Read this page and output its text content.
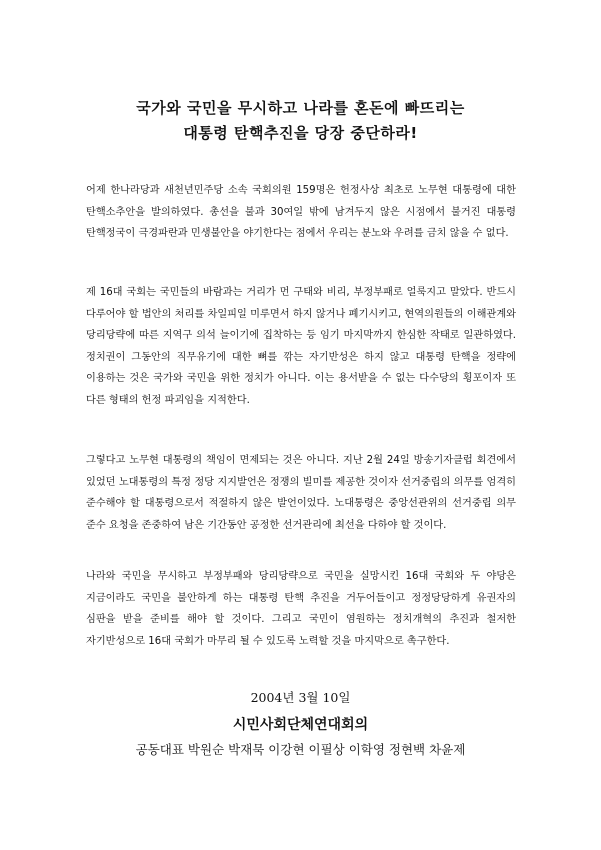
국가와 국민을 무시하고 나라를 혼돈에 빠뜨리는
대통령 탄핵추진을 당장 중단하라!
어제 한나라당과 새천년민주당 소속 국회의원 159명은 헌정사상 최초로 노무현 대통령에 대한 탄핵소추안을 발의하였다. 총선을 불과 30여일 밖에 남겨두지 않은 시점에서 불거진 대통령 탄핵정국이 극경파란과 민생불안을 야기한다는 점에서 우리는 분노와 우려를 금치 않을 수 없다.
제 16대 국회는 국민들의 바람과는 거리가 먼 구태와 비리, 부정부패로 얼룩지고 말았다. 반드시 다루어야 할 법안의 처리를 차일피일 미루면서 하지 않거나 폐기시키고, 현역의원들의 이해관계와 당리당략에 따른 지역구 의석 늘이기에 집착하는 등 임기 마지막까지 한심한 작태로 일관하였다. 정치권이 그동안의 직무유기에 대한 뼈를 깎는 자기반성은 하지 않고 대통령 탄핵을 정략에 이용하는 것은 국가와 국민을 위한 정치가 아니다. 이는 용서받을 수 없는 다수당의 횡포이자 또 다른 형태의 헌정 파괴임을 지적한다.
그렇다고 노무현 대통령의 책임이 면제되는 것은 아니다. 지난 2월 24일 방송기자클럽 회견에서 있었던 노대통령의 특정 정당 지지발언은 정쟁의 빌미를 제공한 것이자 선거중립의 의무를 엄격히 준수해야 할 대통령으로서 적절하지 않은 발언이었다. 노대통령은 중앙선관위의 선거중립 의무 준수 요청을 존중하여 남은 기간동안 공정한 선거관리에 최선을 다하야 할 것이다.
나라와 국민을 무시하고 부정부패와 당리당략으로 국민을 실망시킨 16대 국회와 두 야당은 지금이라도 국민을 불안하게 하는 대통령 탄핵 추진을 거두어들이고 정정당당하게 유권자의 심판을 받을 준비를 해야 할 것이다. 그리고 국민이 염원하는 정치개혁의 추진과 철저한 자기반성으로 16대 국회가 마무리 될 수 있도록 노력할 것을 마지막으로 촉구한다.
2004년 3월 10일
시민사회단체연대회의
공동대표 박원순 박재묵 이강현 이필상 이학영 정현백 차윤제
